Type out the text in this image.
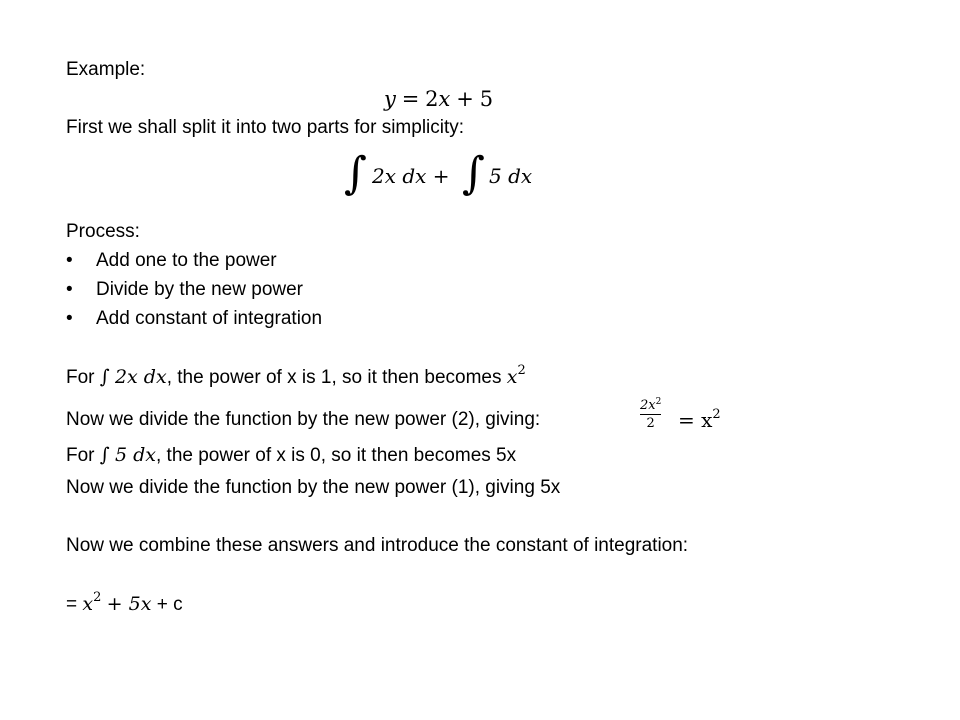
Example:
y = 2x + 5
First we shall split it into two parts for simplicity:
∫ 2x dx + ∫ 5 dx
Process:
• Add one to the power
• Divide by the new power
• Add constant of integration
For ∫ 2x dx, the power of x is 1, so it then becomes $x^2$
Now we divide the function by the new power (2), giving:
$2x^2$
2	= $x^2$
For ∫ 5 dx, the power of x is 0, so it then becomes 5x
Now we divide the function by the new power (1), giving 5x
Now we combine these answers and introduce the constant of integration:
= $x^2 + 5x + c$
